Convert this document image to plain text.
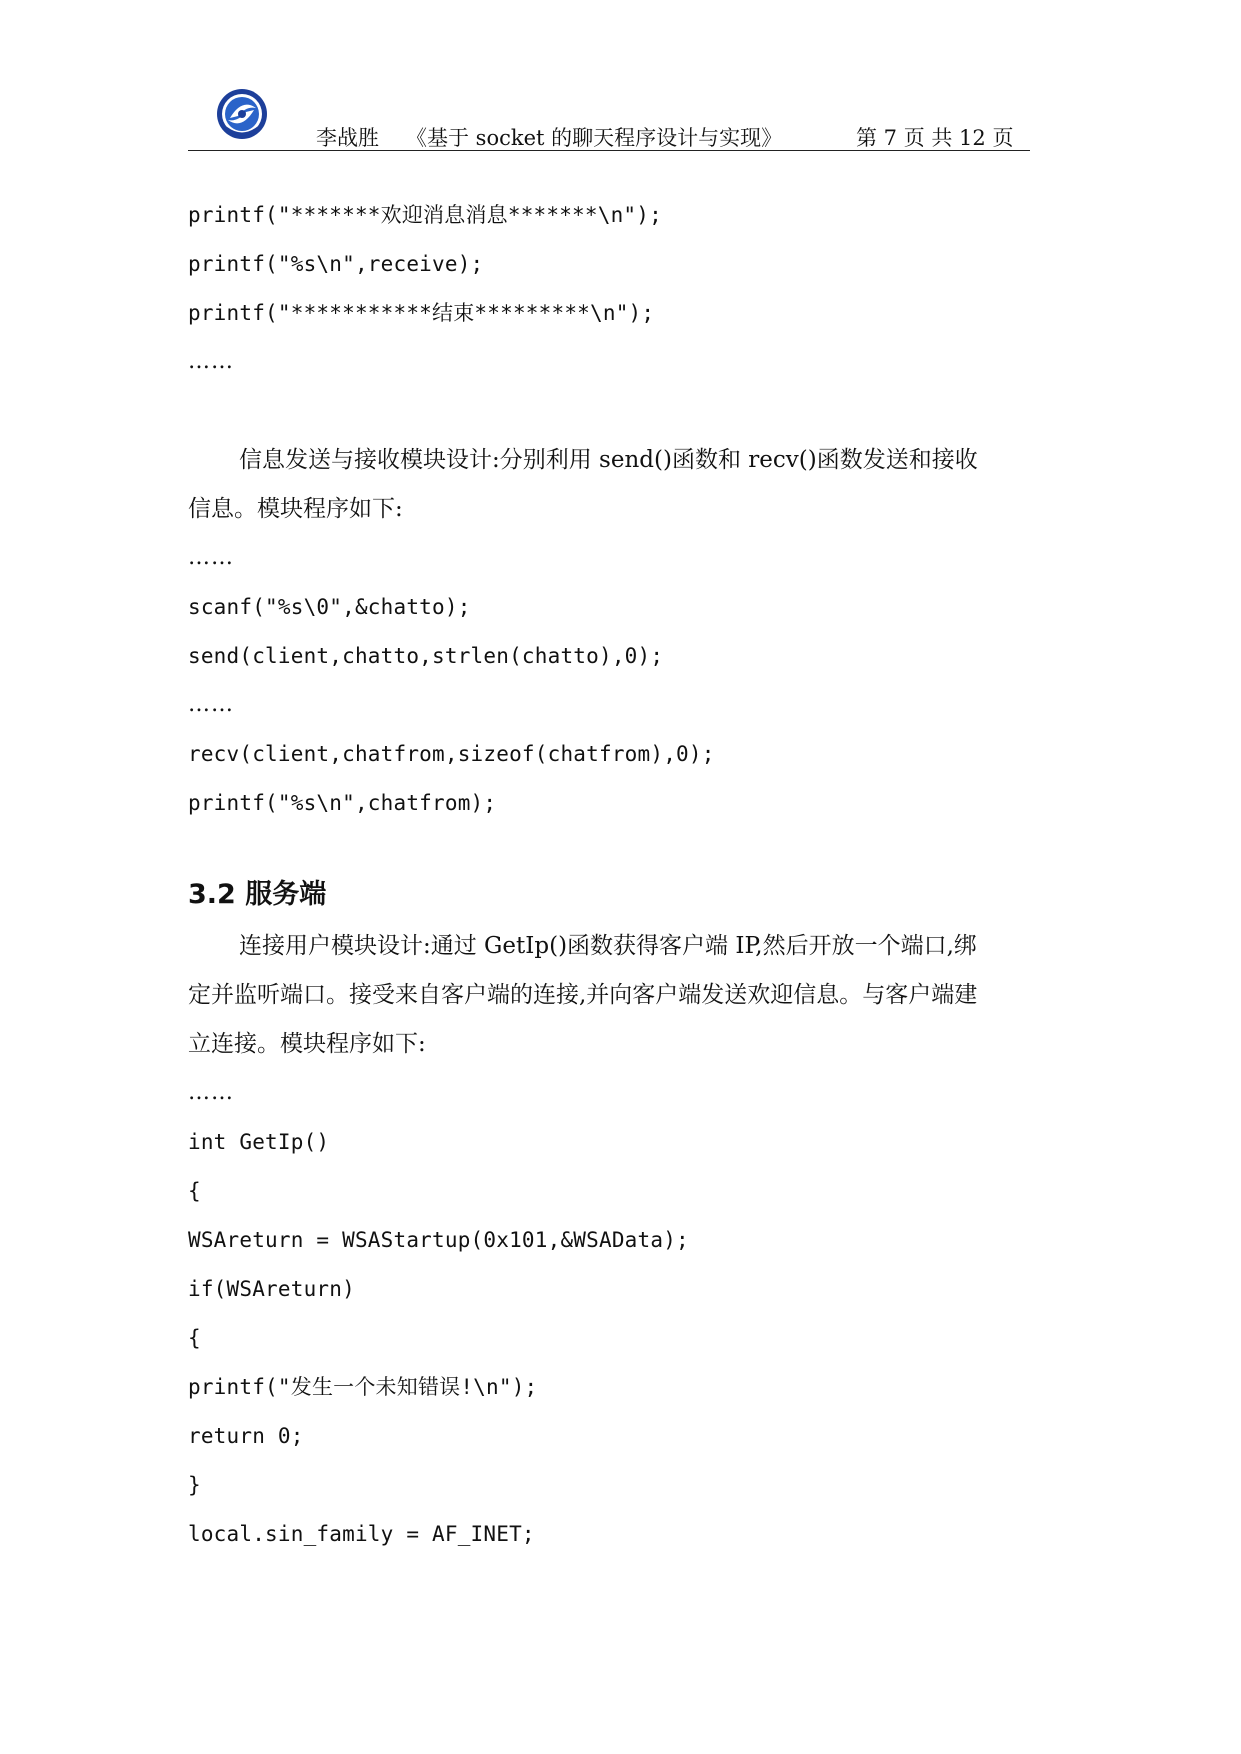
李战胜 《基于 socket 的聊天程序设计与实现》	第 7 页 共 12 页
printf("*******欢迎消息消息*******\n");
printf("%s\n",receive);
printf("***********结束*********\n");
……
信息发送与接收模块设计:分别利用 send()函数和 recv()函数发送和接收
信息。模块程序如下:
……
scanf("%s\0",&chatto);
send(client,chatto,strlen(chatto),0);
……
recv(client,chatfrom,sizeof(chatfrom),0);
printf("%s\n",chatfrom);
3.2 服务端
连接用户模块设计:通过 GetIp()函数获得客户端 IP,然后开放一个端口,绑
定并监听端口。接受来自客户端的连接,并向客户端发送欢迎信息。与客户端建
立连接。模块程序如下:
……
int GetIp()
{
WSAreturn = WSAStartup(0x101,&WSAData);
if(WSAreturn)
{
printf("发生一个未知错误!\n");
return 0;
}
local.sin_family = AF_INET;
